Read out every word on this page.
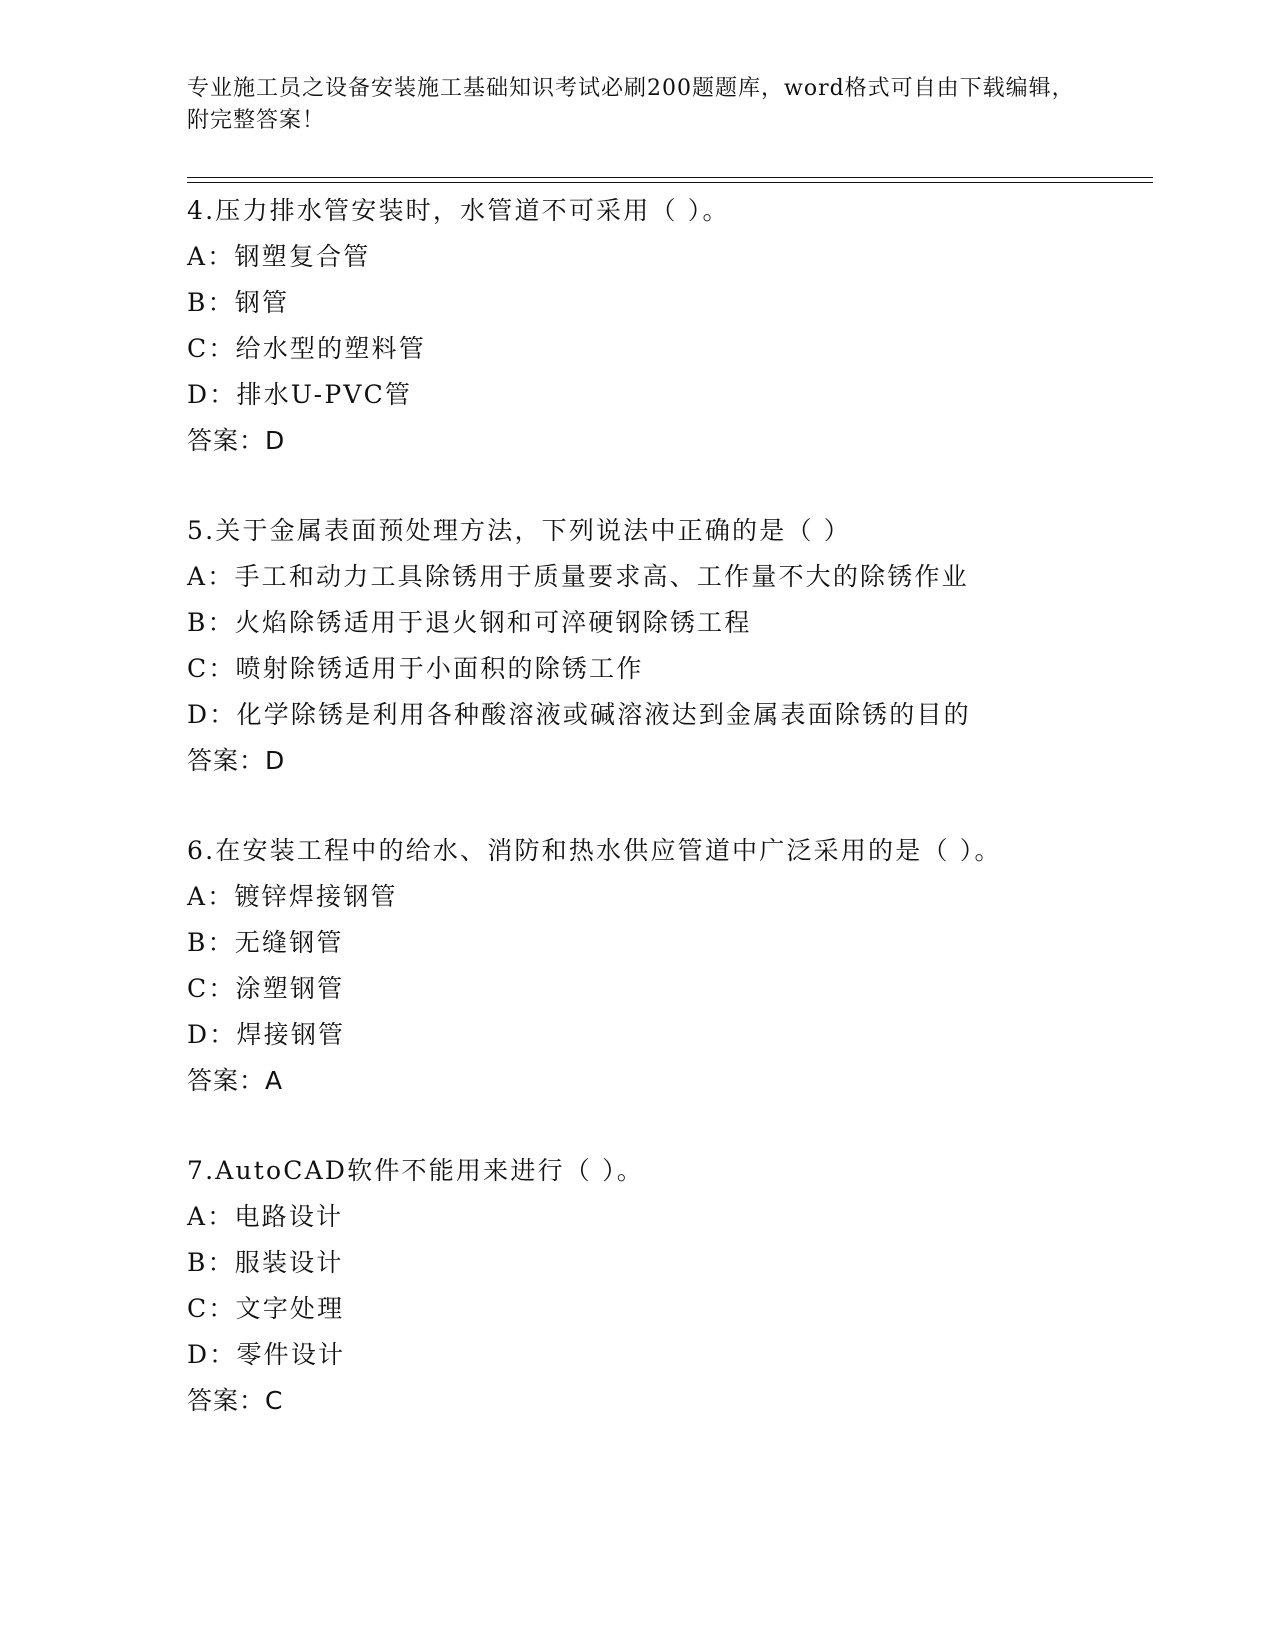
专业施工员之设备安装施工基础知识考试必刷200题题库，word格式可自由下载编辑，附完整答案！
4.压力排水管安装时，水管道不可采用（ ）。
A：钢塑复合管
B：钢管
C：给水型的塑料管
D：排水U-PVC管
答案：D
5.关于金属表面预处理方法，下列说法中正确的是（ ）
A：手工和动力工具除锈用于质量要求高、工作量不大的除锈作业
B：火焰除锈适用于退火钢和可淬硬钢除锈工程
C：喷射除锈适用于小面积的除锈工作
D：化学除锈是利用各种酸溶液或碱溶液达到金属表面除锈的目的
答案：D
6.在安装工程中的给水、消防和热水供应管道中广泛采用的是（ ）。
A：镀锌焊接钢管
B：无缝钢管
C：涂塑钢管
D：焊接钢管
答案：A
7.AutoCAD软件不能用来进行（ ）。
A：电路设计
B：服装设计
C：文字处理
D：零件设计
答案：C
